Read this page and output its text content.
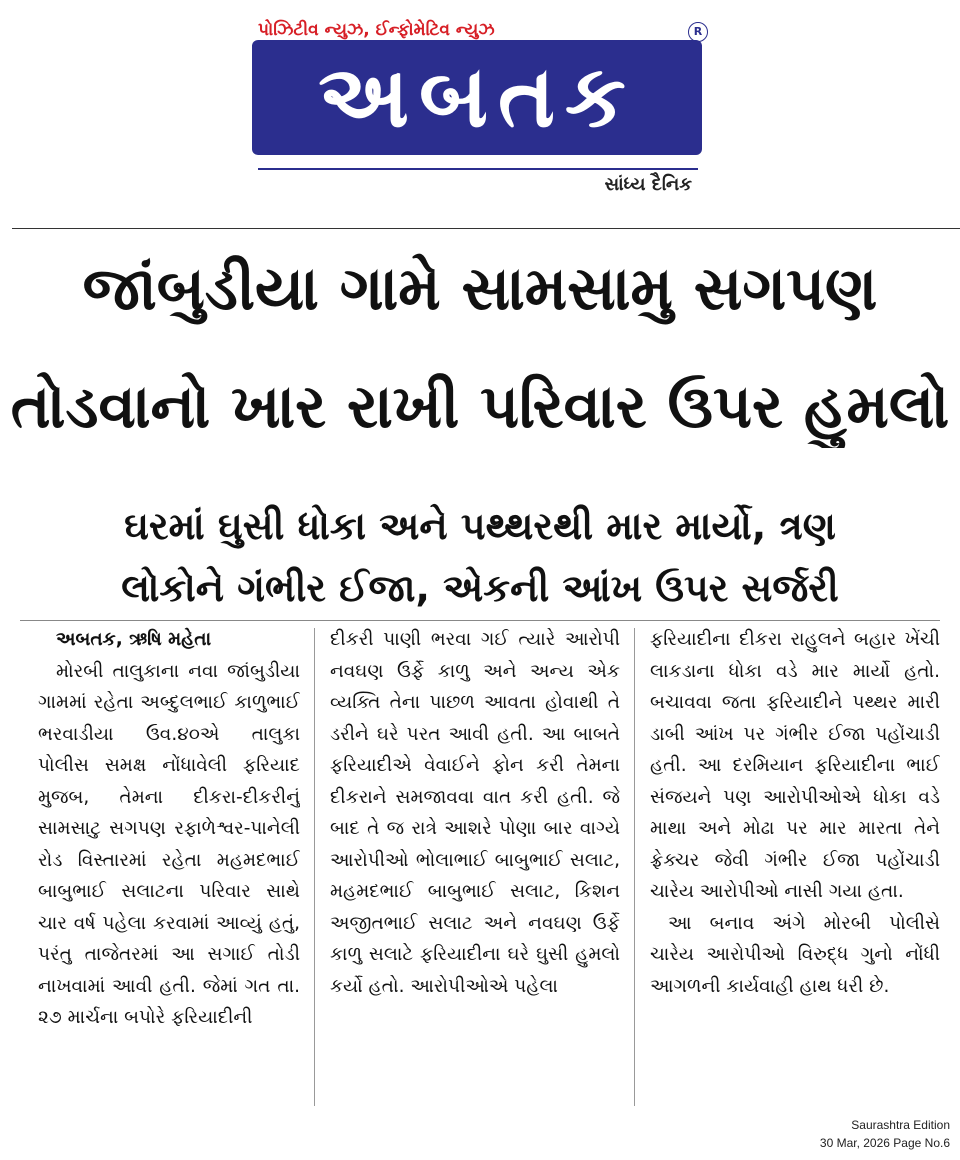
પોઝિટીવ ન્યુઝ, ઈન્ફોમેટિવ ન્યુઝ
અબતક
R
સાંધ્ય દૈનિક
જાંબુડીયા ગામે સામસામુ સગપણ
તોડવાનો ખાર રાખી પરિવાર ઉપર હુમલો
ઘરમાં ઘુસી ધોકા અને પથ્થરથી માર માર્યો, ત્રણ
લોકોને ગંભીર ઈજા, એકની આંખ ઉપર સર્જરી
અબતક, ઋષિ મહેતા

મોરબી તાલુકાના નવા જાંબુડીયા ગામમાં રહેતા અબ્દુલભાઈ કાળુભાઈ ભરવાડીયા ઉવ.૪૦એ તાલુકા પોલીસ સમક્ષ નોંધાવેલી ફરિયાદ મુજબ, તેમના દીકરા-દીકરીનું સામસાટુ સગપણ રફાળેશ્વર-પાનેલી રોડ વિસ્તારમાં રહેતા મહમદભાઈ બાબુભાઈ સલાટના પરિવાર સાથે ચાર વર્ષ પહેલા કરવામાં આવ્યું હતું, પરંતુ તાજેતરમાં આ સગાઈ તોડી નાખવામાં આવી હતી. જેમાં ગત તા. ૨૭ માર્ચના બપોરે ફરિયાદીની

દીકરી પાણી ભરવા ગઈ ત્યારે આરોપી નવઘણ ઉર્ફે કાળુ અને અન્ય એક વ્યક્તિ તેના પાછળ આવતા હોવાથી તે ડરીને ઘરે પરત આવી હતી. આ બાબતે ફરિયાદીએ વેવાઈને ફોન કરી તેમના દીકરાને સમજાવવા વાત કરી હતી. જે બાદ તે જ રાત્રે આશરે પોણા બાર વાગ્યે આરોપીઓ ભોલાભાઈ બાબુભાઈ સલાટ, મહમદભાઈ બાબુભાઈ સલાટ, કિશન અજીતભાઈ સલાટ અને નવઘણ ઉર્ફે કાળુ સલાટે ફરિયાદીના ઘરે ઘુસી હુમલો કર્યો હતો. આરોપીઓએ પહેલા

ફરિયાદીના દીકરા રાહુલને બહાર ખેંચી લાકડાના ધોકા વડે માર માર્યો હતો. બચાવવા જતા ફરિયાદીને પથ્થર મારી ડાબી આંખ પર ગંભીર ઈજા પહોંચાડી હતી. આ દરમિયાન ફરિયાદીના ભાઈ સંજયને પણ આરોપીઓએ ધોકા વડે માથા અને મોઢા પર માર મારતા તેને ફ્રેક્ચર જેવી ગંભીર ઈજા પહોંચાડી ચારેય આરોપીઓ નાસી ગયા હતા.

આ બનાવ અંગે મોરબી પોલીસે ચારેય આરોપીઓ વિરુદ્ધ ગુનો નોંધી આગળની કાર્યવાહી હાથ ધરી છે.

Saurashtra Edition
30 Mar, 2026 Page No.6
